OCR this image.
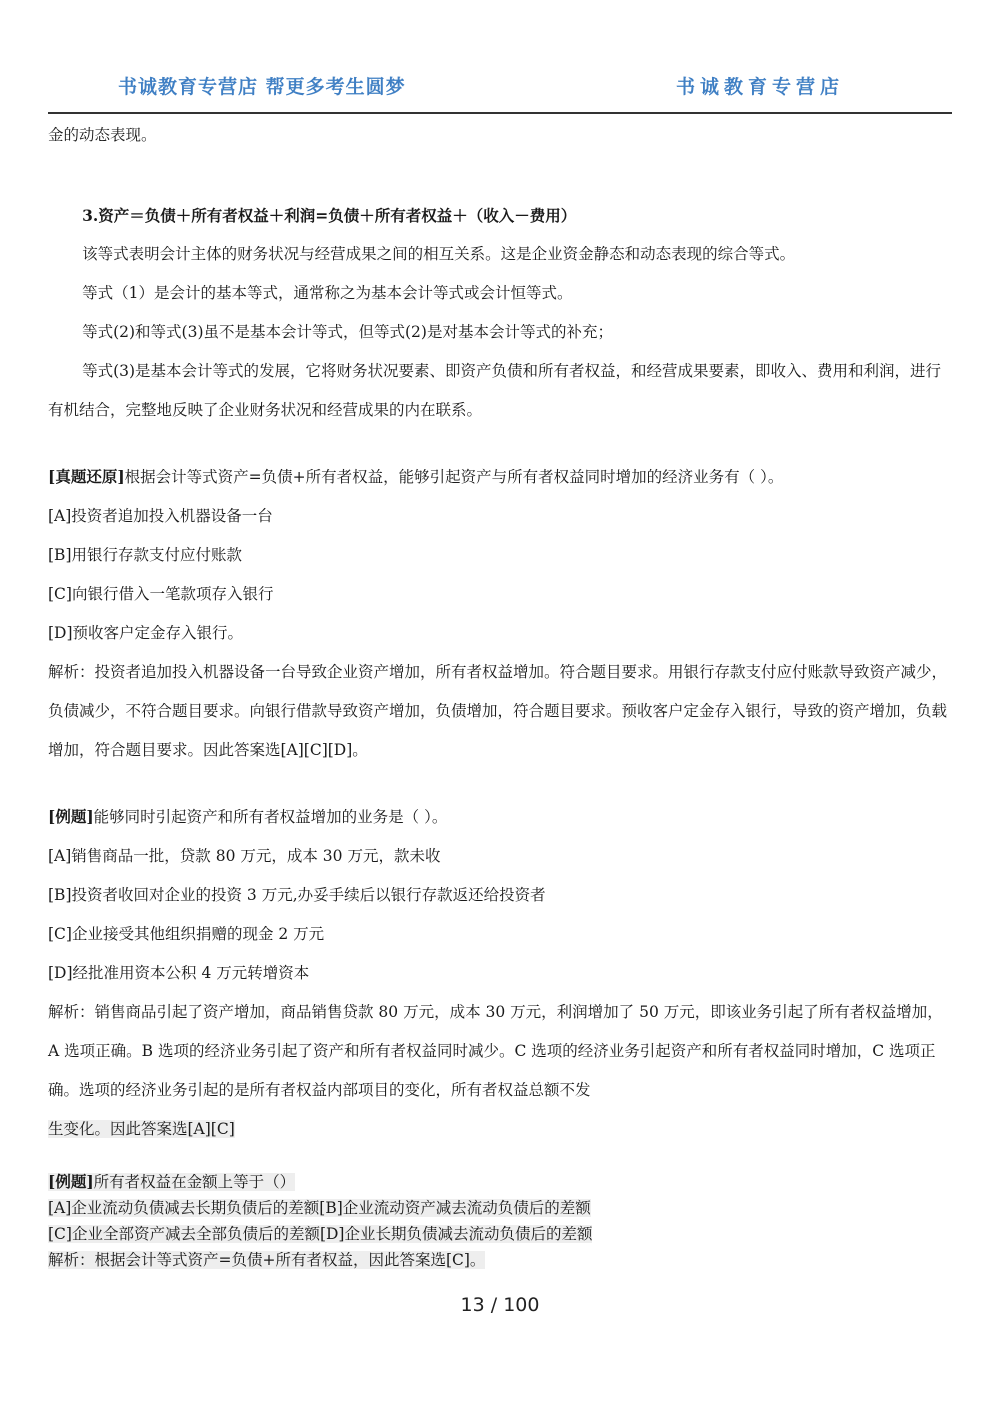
书诚教育专营店 帮更多考生圆梦	书诚教育专营店

金的动态表现。

3.资产＝负债＋所有者权益＋利润=负债＋所有者权益＋（收入－费用）

该等式表明会计主体的财务状况与经营成果之间的相互关系。这是企业资金静态和动态表现的综合等式。

等式（1）是会计的基本等式，通常称之为基本会计等式或会计恒等式。

等式(2)和等式(3)虽不是基本会计等式，但等式(2)是对基本会计等式的补充；

等式(3)是基本会计等式的发展，它将财务状况要素、即资产负债和所有者权益，和经营成果要素，即收入、费用和利润，进行有机结合，完整地反映了企业财务状况和经营成果的内在联系。

[真题还原]根据会计等式资产=负债+所有者权益，能够引起资产与所有者权益同时增加的经济业务有（ ）。

[A]投资者追加投入机器设备一台

[B]用银行存款支付应付账款

[C]向银行借入一笔款项存入银行

[D]预收客户定金存入银行。

解析：投资者追加投入机器设备一台导致企业资产增加，所有者权益增加。符合题目要求。用银行存款支付应付账款导致资产减少，负债减少，不符合题目要求。向银行借款导致资产增加，负债增加，符合题目要求。预收客户定金存入银行，导致的资产增加，负载增加，符合题目要求。因此答案选[A][C][D]。

[例题]能够同时引起资产和所有者权益增加的业务是（ ）。

[A]销售商品一批，贷款 80 万元，成本 30 万元，款未收

[B]投资者收回对企业的投资 3 万元,办妥手续后以银行存款返还给投资者

[C]企业接受其他组织捐赠的现金 2 万元

[D]经批准用资本公积 4 万元转增资本

解析：销售商品引起了资产增加，商品销售贷款 80 万元，成本 30 万元，利润增加了 50 万元，即该业务引起了所有者权益增加，A 选项正确。B 选项的经济业务引起了资产和所有者权益同时减少。C 选项的经济业务引起资产和所有者权益同时增加，C 选项正确。选项的经济业务引起的是所有者权益内部项目的变化，所有者权益总额不发

生变化。因此答案选[A][C]

[例题]所有者权益在金额上等于（）

[A]企业流动负债减去长期负债后的差额[B]企业流动资产减去流动负债后的差额

[C]企业全部资产减去全部负债后的差额[D]企业长期负债减去流动负债后的差额

解析：根据会计等式资产=负债+所有者权益，因此答案选[C]。

13 / 100
